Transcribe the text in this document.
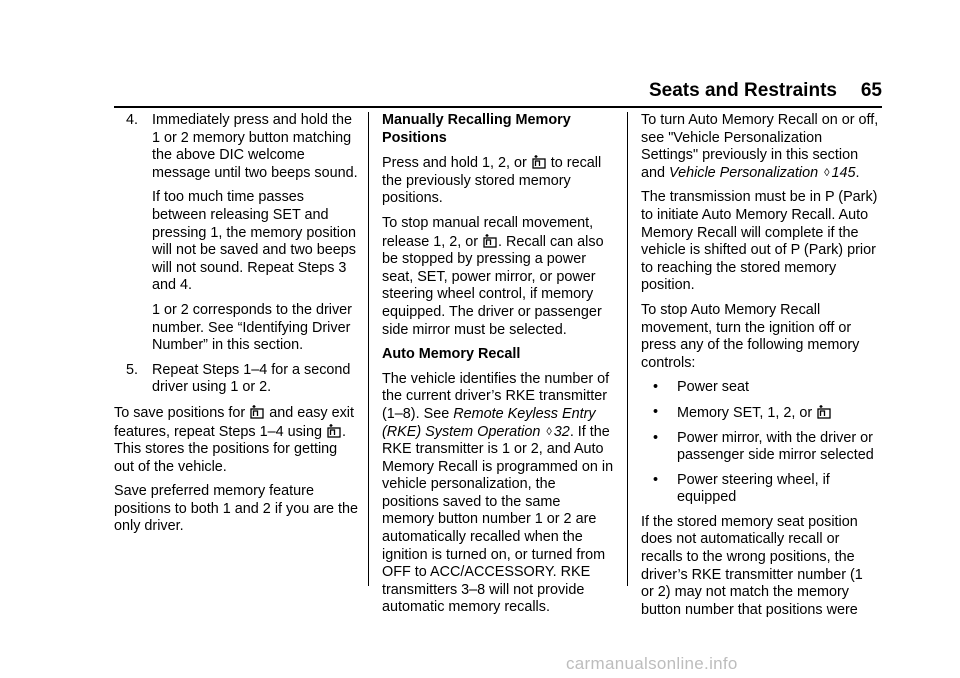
Seats and Restraints 65
4. Immediately press and hold the 1 or 2 memory button matching the above DIC welcome message until two beeps sound.

If too much time passes between releasing SET and pressing 1, the memory position will not be saved and two beeps will not sound. Repeat Steps 3 and 4.

1 or 2 corresponds to the driver number. See “Identifying Driver Number” in this section.

5. Repeat Steps 1–4 for a second driver using 1 or 2.

To save positions for and easy exit features, repeat Steps 1–4 using . This stores the positions for getting out of the vehicle.

Save preferred memory feature positions to both 1 and 2 if you are the only driver.

Manually Recalling Memory Positions

Press and hold 1, 2, or to recall the previously stored memory positions.

To stop manual recall movement, release 1, 2, or . Recall can also be stopped by pressing a power seat, SET, power mirror, or power steering wheel control, if memory equipped. The driver or passenger side mirror must be selected.

Auto Memory Recall

The vehicle identifies the number of the current driver’s RKE transmitter (1–8). See Remote Keyless Entry (RKE) System Operation ◊ 32. If the RKE transmitter is 1 or 2, and Auto Memory Recall is programmed on in vehicle personalization, the positions saved to the same memory button number 1 or 2 are automatically recalled when the ignition is turned on, or turned from OFF to ACC/ACCESSORY. RKE transmitters 3–8 will not provide automatic memory recalls.

To turn Auto Memory Recall on or off, see "Vehicle Personalization Settings" previously in this section and Vehicle Personalization ◊ 145.

The transmission must be in P (Park) to initiate Auto Memory Recall. Auto Memory Recall will complete if the vehicle is shifted out of P (Park) prior to reaching the stored memory position.

To stop Auto Memory Recall movement, turn the ignition off or press any of the following memory controls:

• Power seat
• Memory SET, 1, 2, or
• Power mirror, with the driver or passenger side mirror selected
• Power steering wheel, if equipped

If the stored memory seat position does not automatically recall or recalls to the wrong positions, the driver’s RKE transmitter number (1 or 2) may not match the memory button number that positions were

carmanualsonline.info
